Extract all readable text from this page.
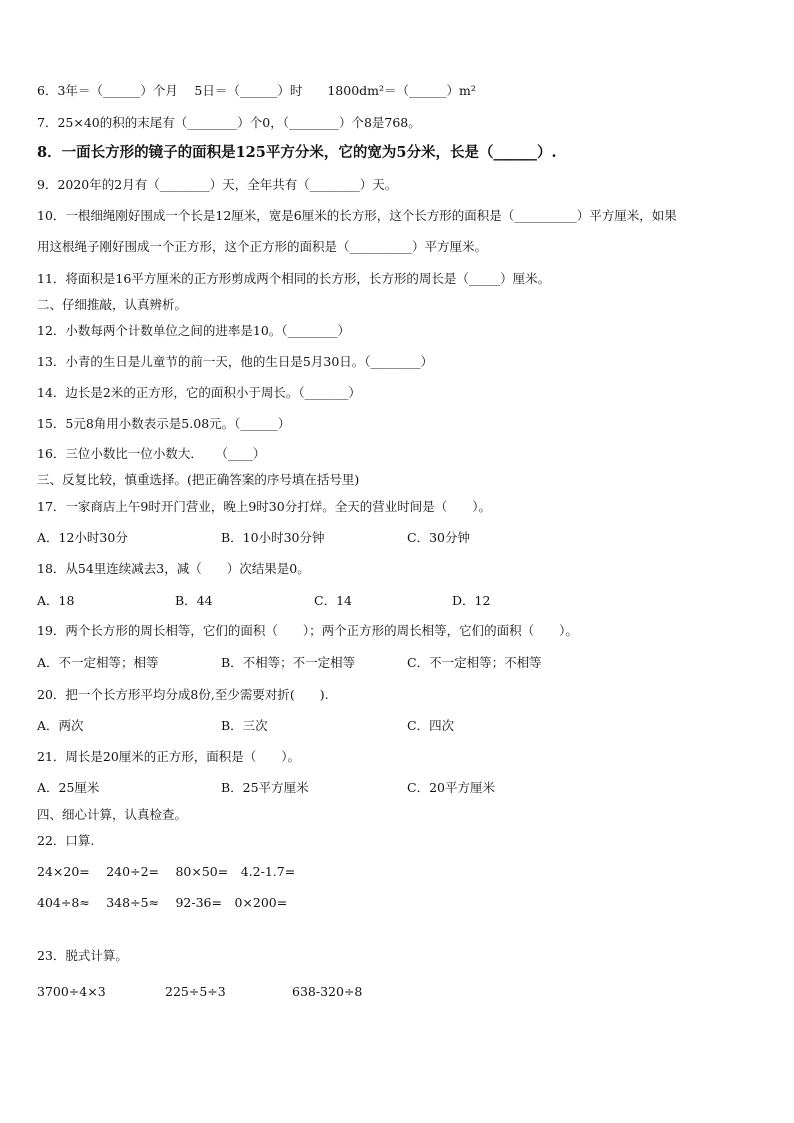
6．3年＝（______）个月　 5日＝（______）时　　1800dm²＝（______）m²
7．25×40的积的末尾有（________）个0，（________）个8是768。
8．一面长方形的镜子的面积是125平方分米，它的宽为5分米，长是（______）.
9．2020年的2月有（________）天，全年共有（________）天。
10．一根细绳刚好围成一个长是12厘米，宽是6厘米的长方形，这个长方形的面积是（__________）平方厘米，如果
用这根绳子刚好围成一个正方形，这个正方形的面积是（__________）平方厘米。
11．将面积是16平方厘米的正方形剪成两个相同的长方形，长方形的周长是（_____）厘米。
二、仔细推敲，认真辨析。
12．小数每两个计数单位之间的进率是10。（________）
13．小青的生日是儿童节的前一天，他的生日是5月30日。（________）
14．边长是2米的正方形，它的面积小于周长。（_______）
15．5元8角用小数表示是5.08元。（______）
16．三位小数比一位小数大．　　（____）
三、反复比较，慎重选择。(把正确答案的序号填在括号里)
17．一家商店上午9时开门营业，晚上9时30分打烊。全天的营业时间是（　　）。
A．12小时30分	B．10小时30分钟	C．30分钟
18．从54里连续减去3，减（　　）次结果是0。
A．18	B．44	C．14	D．12
19．两个长方形的周长相等，它们的面积（　　）；两个正方形的周长相等，它们的面积（　　）。
A．不一定相等；相等	B．不相等；不一定相等	C．不一定相等；不相等
20．把一个长方形平均分成8份,至少需要对折(　　).
A．两次	B．三次	C．四次
21．周长是20厘米的正方形，面积是（　　）。
A．25厘米	B．25平方厘米	C．20平方厘米
四、细心计算，认真检查。
22．口算.
24×20=　 240÷2=　 80×50=　4.2-1.7=
404÷8≈　 348÷5≈　 92-36=　0×200=
23．脱式计算。
3700÷4×3	225÷5÷3	638-320÷8
